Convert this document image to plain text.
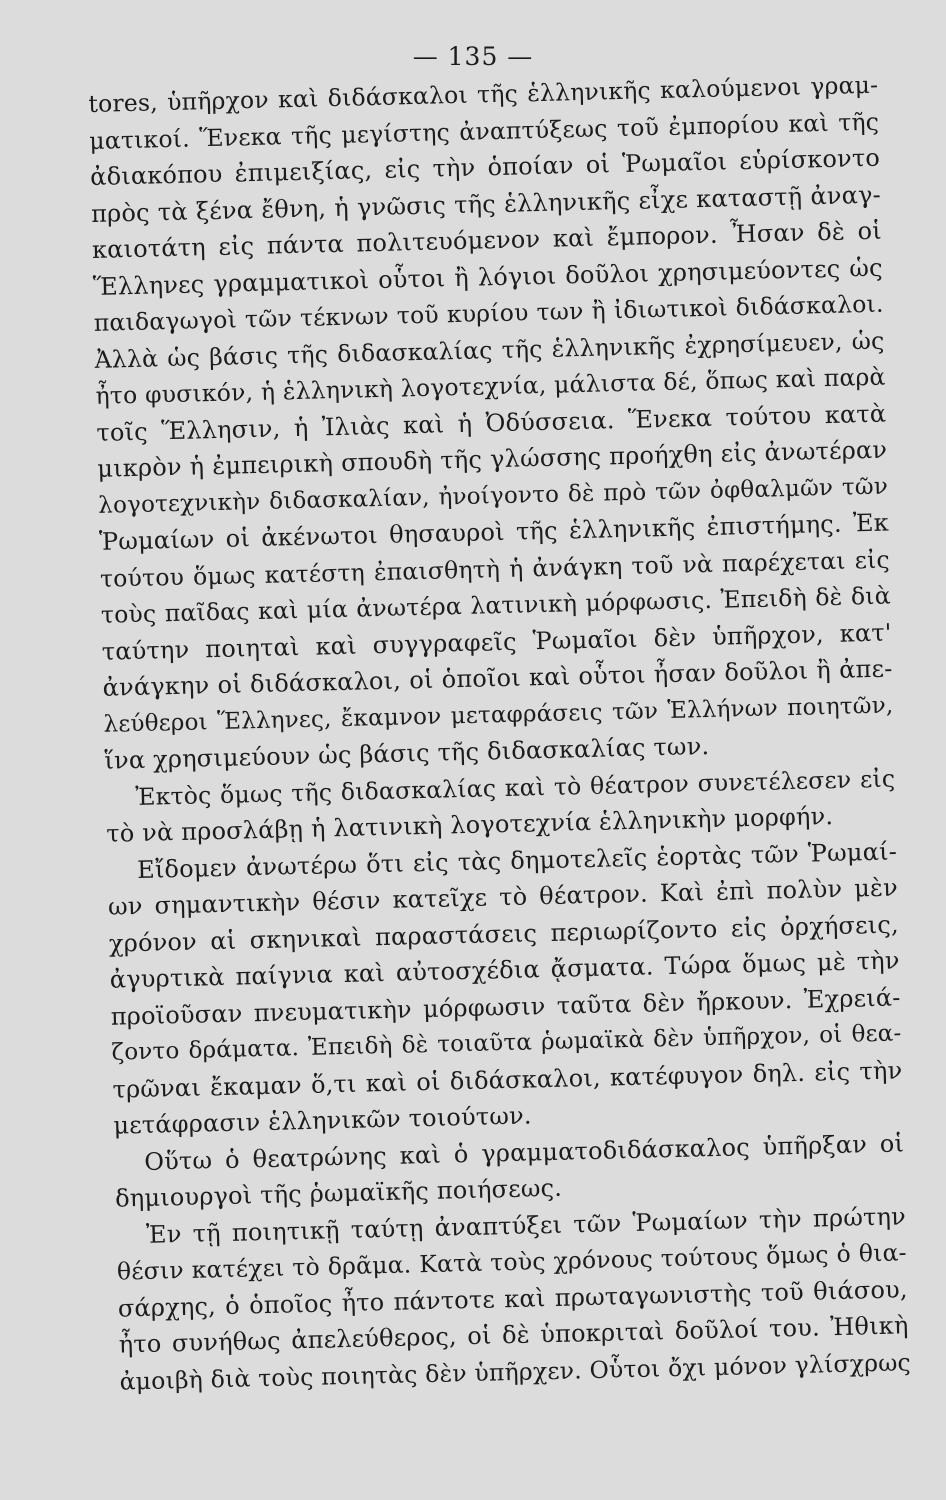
— 135 —
tores, ὑπῆρχον καὶ διδάσκαλοι τῆς ἑλληνικῆς καλούμενοι γραμ-
ματικοί. Ἕνεκα τῆς μεγίστης ἀναπτύξεως τοῦ ἐμπορίου καὶ τῆς
ἀδιακόπου ἐπιμειξίας, εἰς τὴν ὁποίαν οἱ Ῥωμαῖοι εὑρίσκοντο
πρὸς τὰ ξένα ἔθνη, ἡ γνῶσις τῆς ἑλληνικῆς εἶχε καταστῇ ἀναγ-
καιοτάτη εἰς πάντα πολιτευόμενον καὶ ἔμπορον. Ἦσαν δὲ οἱ
Ἕλληνες γραμματικοὶ οὗτοι ἢ λόγιοι δοῦλοι χρησιμεύοντες ὡς
παιδαγωγοὶ τῶν τέκνων τοῦ κυρίου των ἢ ἰδιωτικοὶ διδάσκαλοι.
Ἀλλὰ ὡς βάσις τῆς διδασκαλίας τῆς ἑλληνικῆς ἐχρησίμευεν, ὡς
ἦτο φυσικόν, ἡ ἑλληνικὴ λογοτεχνία, μάλιστα δέ, ὅπως καὶ παρὰ
τοῖς Ἕλλησιν, ἡ Ἰλιὰς καὶ ἡ Ὀδύσσεια. Ἕνεκα τούτου κατὰ
μικρὸν ἡ ἐμπειρικὴ σπουδὴ τῆς γλώσσης προήχθη εἰς ἀνωτέραν
λογοτεχνικὴν διδασκαλίαν, ἠνοίγοντο δὲ πρὸ τῶν ὀφθαλμῶν τῶν
Ῥωμαίων οἱ ἀκένωτοι θησαυροὶ τῆς ἑλληνικῆς ἐπιστήμης. Ἐκ
τούτου ὅμως κατέστη ἐπαισθητὴ ἡ ἀνάγκη τοῦ νὰ παρέχεται εἰς
τοὺς παῖδας καὶ μία ἀνωτέρα λατινικὴ μόρφωσις. Ἐπειδὴ δὲ διὰ
ταύτην ποιηταὶ καὶ συγγραφεῖς Ῥωμαῖοι δὲν ὑπῆρχον, κατ'
ἀνάγκην οἱ διδάσκαλοι, οἱ ὁποῖοι καὶ οὗτοι ἦσαν δοῦλοι ἢ ἀπε-
λεύθεροι Ἕλληνες, ἔκαμνον μεταφράσεις τῶν Ἑλλήνων ποιητῶν,
ἵνα χρησιμεύουν ὡς βάσις τῆς διδασκαλίας των.
Ἐκτὸς ὅμως τῆς διδασκαλίας καὶ τὸ θέατρον συνετέλεσεν εἰς
τὸ νὰ προσλάβῃ ἡ λατινικὴ λογοτεχνία ἑλληνικὴν μορφήν.
Εἴδομεν ἀνωτέρω ὅτι εἰς τὰς δημοτελεῖς ἑορτὰς τῶν Ῥωμαί-
ων σημαντικὴν θέσιν κατεῖχε τὸ θέατρον. Καὶ ἐπὶ πολὺν μὲν
χρόνον αἱ σκηνικαὶ παραστάσεις περιωρίζοντο εἰς ὀρχήσεις,
ἀγυρτικὰ παίγνια καὶ αὐτοσχέδια ᾄσματα. Τώρα ὅμως μὲ τὴν
προϊοῦσαν πνευματικὴν μόρφωσιν ταῦτα δὲν ἤρκουν. Ἐχρειά-
ζοντο δράματα. Ἐπειδὴ δὲ τοιαῦτα ῥωμαϊκὰ δὲν ὑπῆρχον, οἱ θεα-
τρῶναι ἔκαμαν ὅ,τι καὶ οἱ διδάσκαλοι, κατέφυγον δηλ. εἰς τὴν
μετάφρασιν ἑλληνικῶν τοιούτων.
Οὕτω ὁ θεατρώνης καὶ ὁ γραμματοδιδάσκαλος ὑπῆρξαν οἱ
δημιουργοὶ τῆς ῥωμαϊκῆς ποιήσεως.
Ἐν τῇ ποιητικῇ ταύτῃ ἀναπτύξει τῶν Ῥωμαίων τὴν πρώτην
θέσιν κατέχει τὸ δρᾶμα. Κατὰ τοὺς χρόνους τούτους ὅμως ὁ θια-
σάρχης, ὁ ὁποῖος ἦτο πάντοτε καὶ πρωταγωνιστὴς τοῦ θιάσου,
ἦτο συνήθως ἀπελεύθερος, οἱ δὲ ὑποκριταὶ δοῦλοί του. Ἠθικὴ
ἀμοιβὴ διὰ τοὺς ποιητὰς δὲν ὑπῆρχεν. Οὗτοι ὄχι μόνον γλίσχρως
